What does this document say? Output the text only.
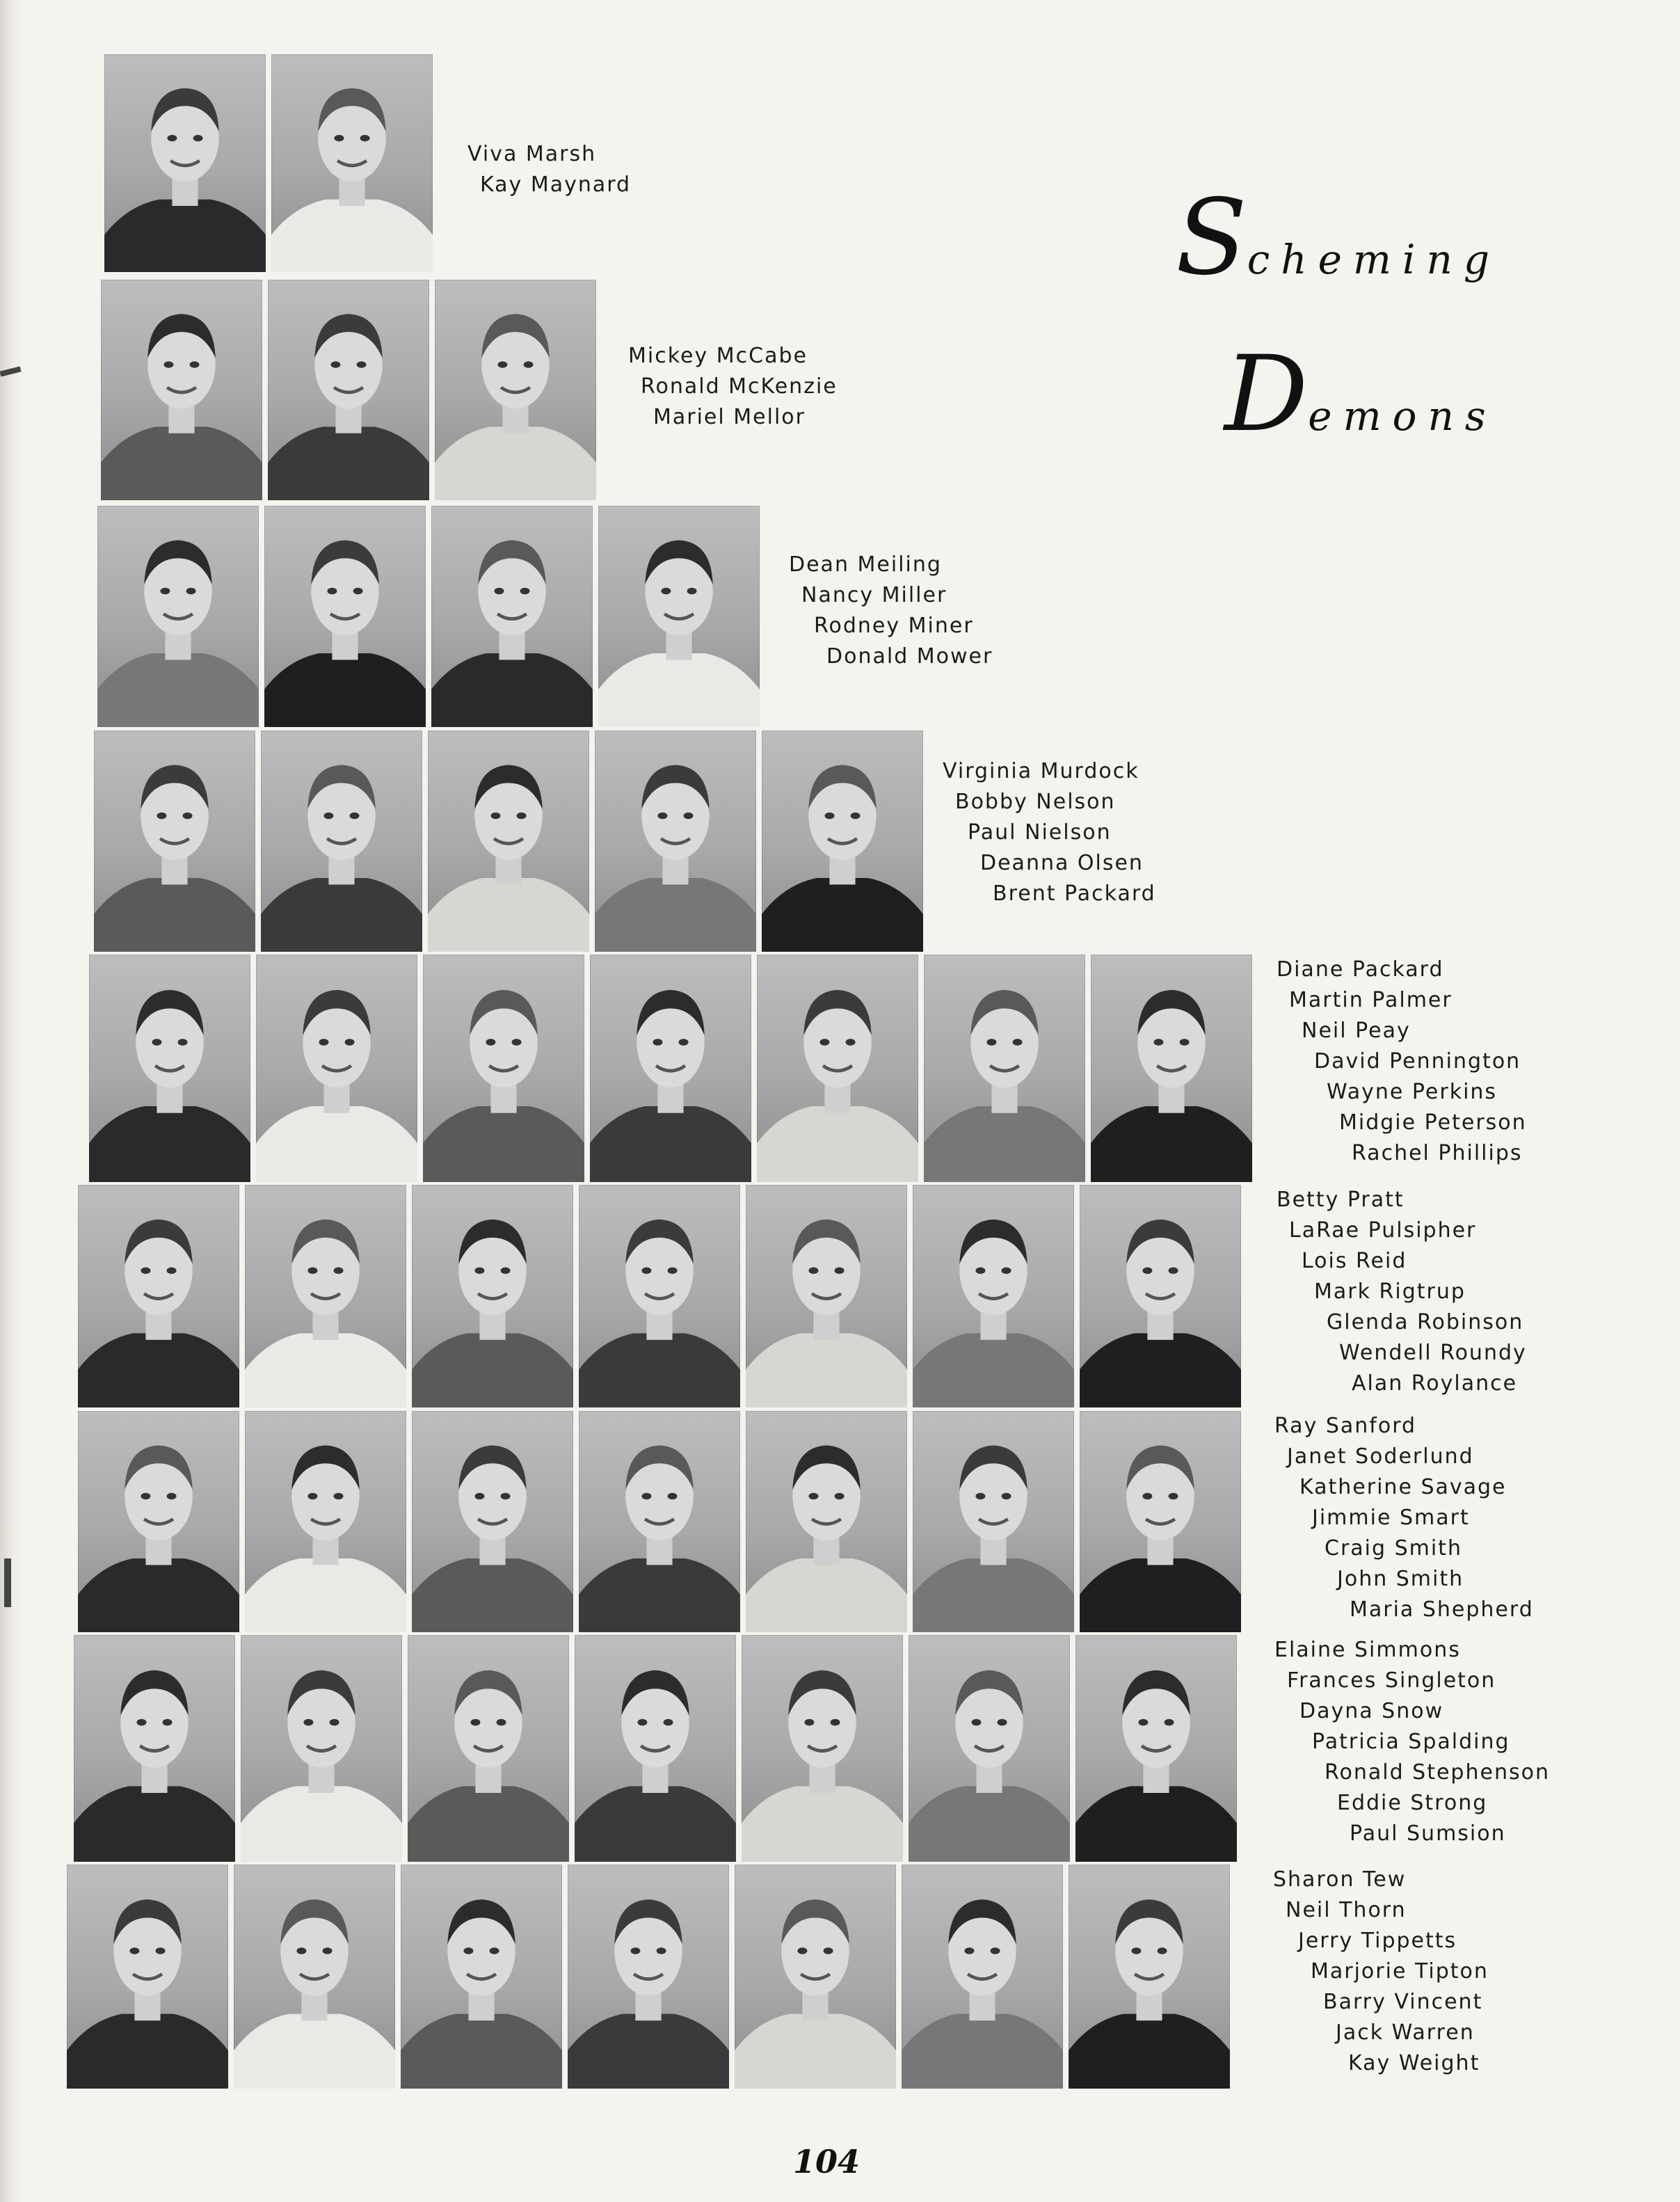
Scheming
Demons
Viva Marsh
Kay Maynard
Mickey McCabe
Ronald McKenzie
Mariel Mellor
Dean Meiling
Nancy Miller
Rodney Miner
Donald Mower
Virginia Murdock
Bobby Nelson
Paul Nielson
Deanna Olsen
Brent Packard
Diane Packard
Martin Palmer
Neil Peay
David Pennington
Wayne Perkins
Midgie Peterson
Rachel Phillips
Betty Pratt
LaRae Pulsipher
Lois Reid
Mark Rigtrup
Glenda Robinson
Wendell Roundy
Alan Roylance
Ray Sanford
Janet Soderlund
Katherine Savage
Jimmie Smart
Craig Smith
John Smith
Maria Shepherd
Elaine Simmons
Frances Singleton
Dayna Snow
Patricia Spalding
Ronald Stephenson
Eddie Strong
Paul Sumsion
Sharon Tew
Neil Thorn
Jerry Tippetts
Marjorie Tipton
Barry Vincent
Jack Warren
Kay Weight
104
